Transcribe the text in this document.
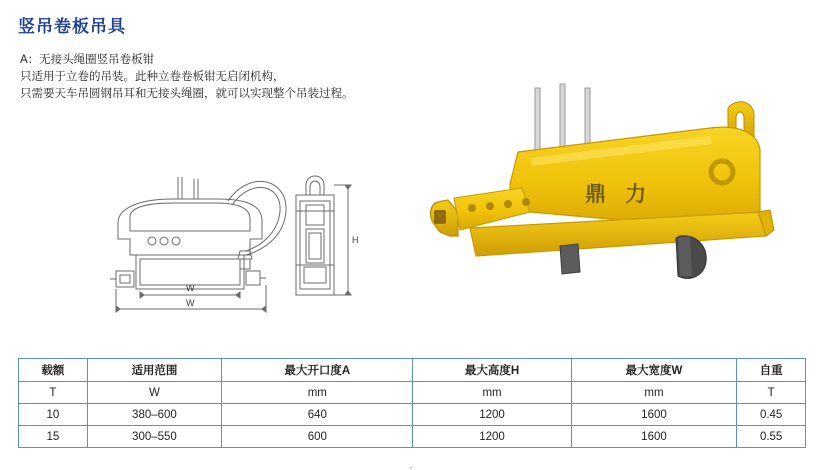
竖吊卷板吊具
A：无接头绳圈竖吊卷板钳
只适用于立卷的吊装。此种立卷卷板钳无启闭机构，
只需要天车吊圆钢吊耳和无接头绳圈，就可以实现整个吊装过程。
W
W
H
鼎 力
载额	适用范围	最大开口度A	最大高度H	最大宽度W	自重
T	W	mm	mm	mm	T
10	380–600	640	1200	1600	0.45
15	300–550	600	1200	1600	0.55
.
